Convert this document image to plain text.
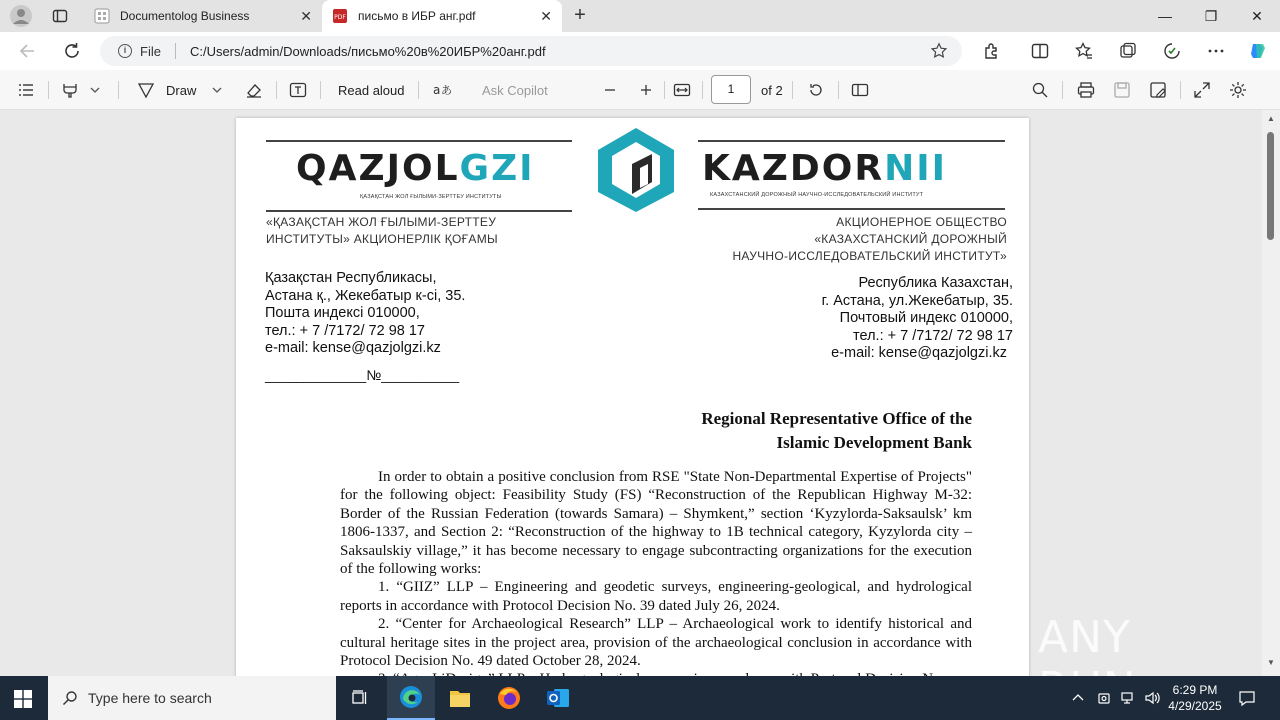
Documentolog Business	✕	PDF письмо в ИБР анг.pdf	✕	+	—	❐	✕
i	File C:/Users/admin/Downloads/письмо%20в%20ИБР%20анг.pdf
Draw	Read aloud a あ Ask Copilot	1	of 2
QAZJOLGZI
ҚАЗАҚСТАН ЖОЛ ҒЫЛЫМИ-ЗЕРТТЕУ ИНСТИТУТЫ
KAZDORNII
КАЗАХСТАНСКИЙ ДОРОЖНЫЙ НАУЧНО-ИССЛЕДОВАТЕЛЬСКИЙ ИНСТИТУТ
«ҚАЗАҚСТАН ЖОЛ ҒЫЛЫМИ-ЗЕРТТЕУ
ИНСТИТУТЫ» АКЦИОНЕРЛІК ҚОҒАМЫ
АКЦИОНЕРНОЕ ОБЩЕСТВО
«КАЗАХСТАНСКИЙ ДОРОЖНЫЙ
НАУЧНО-ИССЛЕДОВАТЕЛЬСКИЙ ИНСТИТУТ»
Қазақстан Республикасы,
Астана қ., Жекебатыр к-сі, 35.
Пошта индексі 010000,
тел.: + 7 /7172/ 72 98 17
e-mail: kense@qazjolgzi.kz
Республика Казахстан,
г. Астана, ул.Жекебатыр, 35.
Почтовый индекс 010000,
тел.: + 7 /7172/ 72 98 17
e-mail: kense@qazjolgzi.kz
_____________№__________
Regional Representative Office of the
Islamic Development Bank

In order to obtain a positive conclusion from RSE "State Non-Departmental Expertise of Projects" for the following object: Feasibility Study (FS) “Reconstruction of the Republican Highway M-32: Border of the Russian Federation (towards Samara) – Shymkent,” section ‘Kyzylorda-Saksaulsk’ km 1806-1337, and Section 2: “Reconstruction of the highway to 1B technical category, Kyzylorda city – Saksaulskiy village,” it has become necessary to engage subcontracting organizations for the execution of the following works:

1. “GIIZ” LLP – Engineering and geodetic surveys, engineering-geological, and hydrological reports in accordance with Protocol Decision No. 39 dated July 26, 2024.

2. “Center for Archaeological Research” LLP – Archaeological work to identify historical and cultural heritage sites in the project area, provision of the archaeological conclusion in accordance with Protocol Decision No. 49 dated October 28, 2024.	ANY
▲
▼
Type here to search	6:29 PM
4/29/2025
